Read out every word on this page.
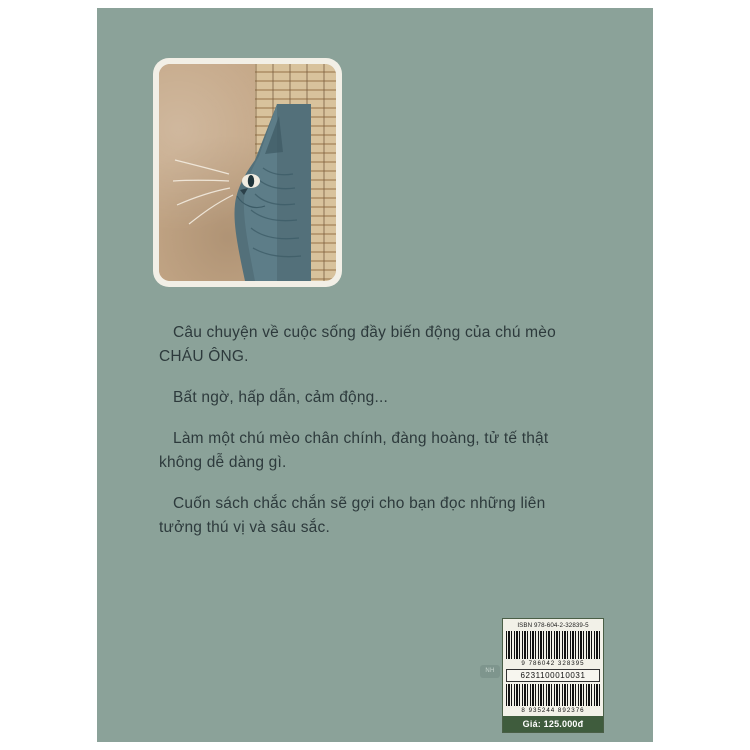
Câu chuyện về cuộc sống đầy biến động của chú mèo CHÁU ÔNG.

Bất ngờ, hấp dẫn, cảm động...

Làm một chú mèo chân chính, đàng hoàng, tử tế thật không dễ dàng gì.

Cuốn sách chắc chắn sẽ gợi cho bạn đọc những liên tưởng thú vị và sâu sắc.

NH
ISBN 978-604-2-32839-5
9 786042 328395
6231100010031
8 935244 892376
Giá: 125.000đ
